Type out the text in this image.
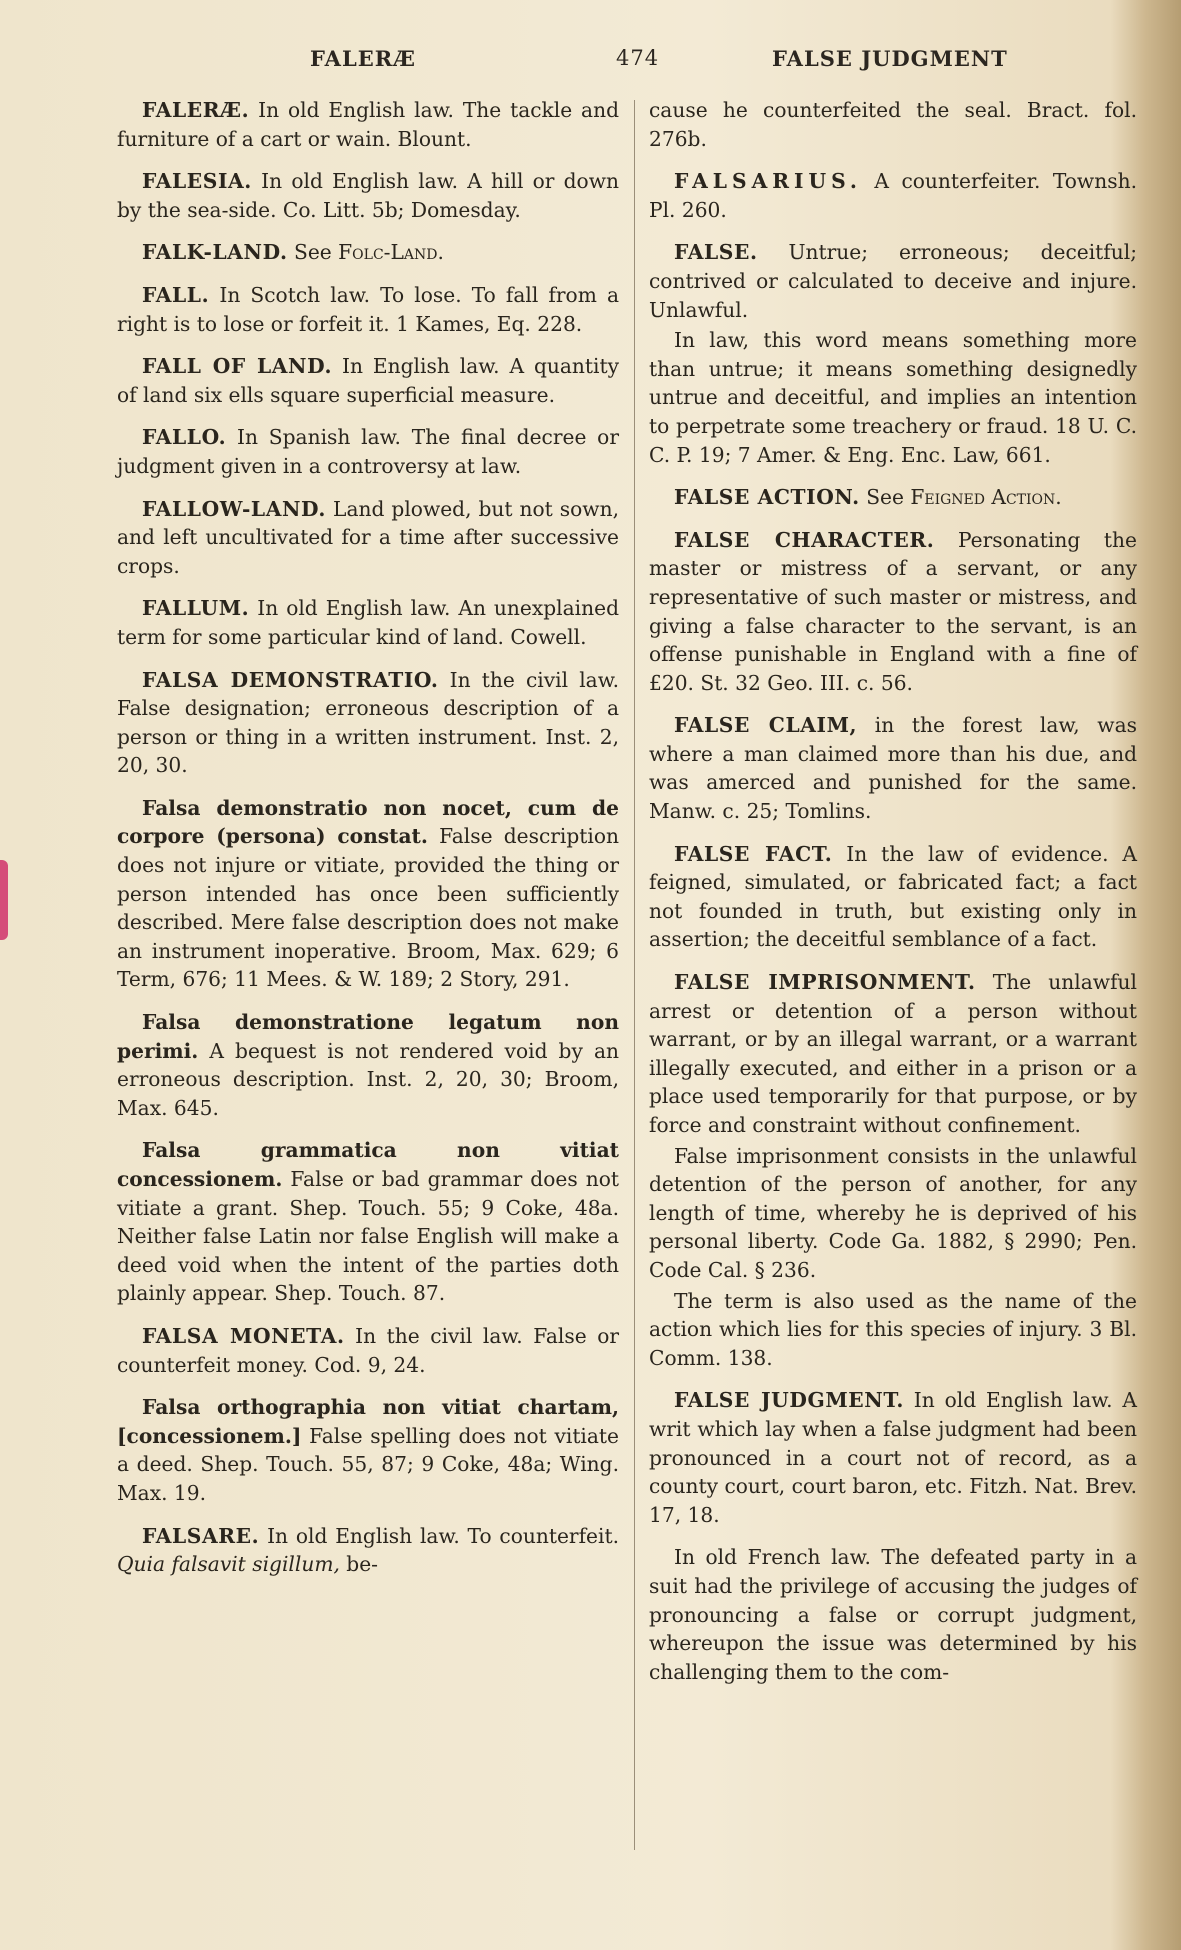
FALERÆ	474	FALSE JUDGMENT

FALERÆ. In old English law. The tackle and furniture of a cart or wain. Blount.

FALESIA. In old English law. A hill or down by the sea-side. Co. Litt. 5b; Domesday.

FALK-LAND. See Folc-Land.

FALL. In Scotch law. To lose. To fall from a right is to lose or forfeit it. 1 Kames, Eq. 228.

FALL OF LAND. In English law. A quantity of land six ells square superficial measure.

FALLO. In Spanish law. The final decree or judgment given in a controversy at law.

FALLOW-LAND. Land plowed, but not sown, and left uncultivated for a time after successive crops.

FALLUM. In old English law. An unexplained term for some particular kind of land. Cowell.

FALSA DEMONSTRATIO. In the civil law. False designation; erroneous description of a person or thing in a written instrument. Inst. 2, 20, 30.

Falsa demonstratio non nocet, cum de corpore (persona) constat. False description does not injure or vitiate, provided the thing or person intended has once been sufficiently described. Mere false description does not make an instrument inoperative. Broom, Max. 629; 6 Term, 676; 11 Mees. & W. 189; 2 Story, 291.

Falsa demonstratione legatum non perimi. A bequest is not rendered void by an erroneous description. Inst. 2, 20, 30; Broom, Max. 645.

Falsa grammatica non vitiat concessionem. False or bad grammar does not vitiate a grant. Shep. Touch. 55; 9 Coke, 48a. Neither false Latin nor false English will make a deed void when the intent of the parties doth plainly appear. Shep. Touch. 87.

FALSA MONETA. In the civil law. False or counterfeit money. Cod. 9, 24.

Falsa orthographia non vitiat chartam, [concessionem.] False spelling does not vitiate a deed. Shep. Touch. 55, 87; 9 Coke, 48a; Wing. Max. 19.

FALSARE. In old English law. To counterfeit. Quia falsavit sigillum, be-

cause he counterfeited the seal. Bract. fol. 276b.

FALSARIUS. A counterfeiter. Townsh. Pl. 260.

FALSE. Untrue; erroneous; deceitful; contrived or calculated to deceive and injure. Unlawful.

In law, this word means something more than untrue; it means something designedly untrue and deceitful, and implies an intention to perpetrate some treachery or fraud. 18 U. C. C. P. 19; 7 Amer. & Eng. Enc. Law, 661.

FALSE ACTION. See Feigned Action.

FALSE CHARACTER. Personating the master or mistress of a servant, or any representative of such master or mistress, and giving a false character to the servant, is an offense punishable in England with a fine of £20. St. 32 Geo. III. c. 56.

FALSE CLAIM, in the forest law, was where a man claimed more than his due, and was amerced and punished for the same. Manw. c. 25; Tomlins.

FALSE FACT. In the law of evidence. A feigned, simulated, or fabricated fact; a fact not founded in truth, but existing only in assertion; the deceitful semblance of a fact.

FALSE IMPRISONMENT. The unlawful arrest or detention of a person without warrant, or by an illegal warrant, or a warrant illegally executed, and either in a prison or a place used temporarily for that purpose, or by force and constraint without confinement.

False imprisonment consists in the unlawful detention of the person of another, for any length of time, whereby he is deprived of his personal liberty. Code Ga. 1882, § 2990; Pen. Code Cal. § 236.

The term is also used as the name of the action which lies for this species of injury. 3 Bl. Comm. 138.

FALSE JUDGMENT. In old English law. A writ which lay when a false judgment had been pronounced in a court not of record, as a county court, court baron, etc. Fitzh. Nat. Brev. 17, 18.

In old French law. The defeated party in a suit had the privilege of accusing the judges of pronouncing a false or corrupt judgment, whereupon the issue was determined by his challenging them to the com-
